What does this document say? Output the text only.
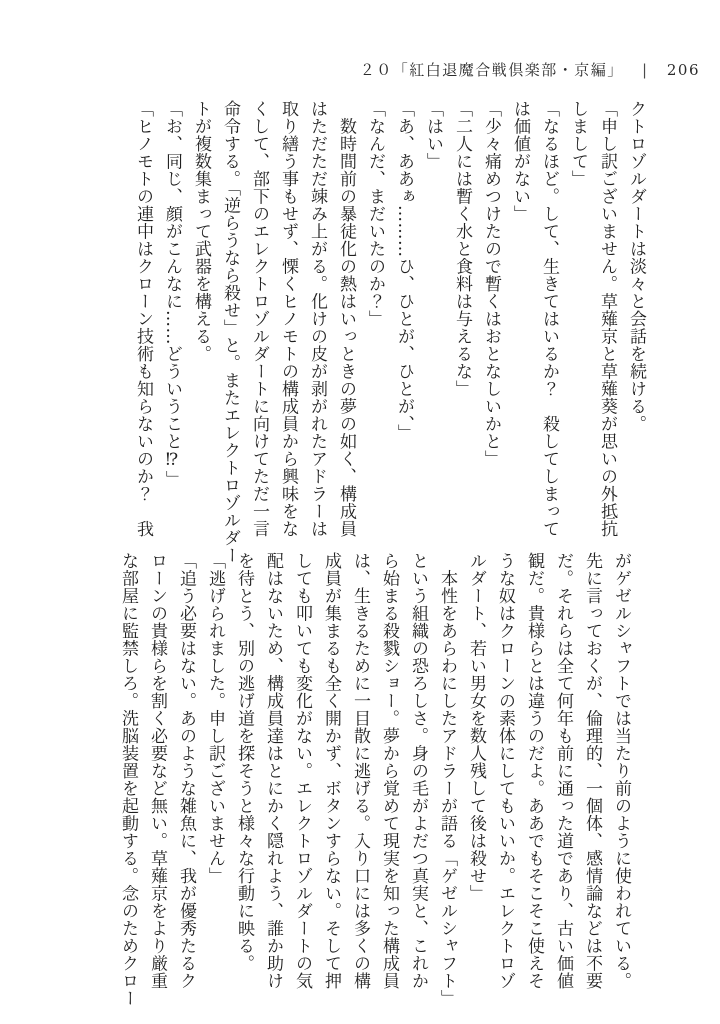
２０「紅白退魔合戦倶楽部・京編」 | 206
クトロゾルダートは淡々と会話を続ける。
「申し訳ございません。草薙京と草薙葵が思いの外抵抗
しまして」
「なるほど。して、生きてはいるか？　殺してしまって
は価値がない」
「少々痛めつけたので暫くはおとなしいかと」
「二人には暫く水と食料は与えるな」
「はい」
「あ、ああぁ………ひ、ひとが、ひとが、」
「なんだ、まだいたのか？」
　数時間前の暴徒化の熱はいっときの夢の如く、構成員
はただただ竦み上がる。化けの皮が剥がれたアドラーは
取り繕う事もせず、慄くヒノモトの構成員から興味をな
くして、部下のエレクトロゾルダートに向けてただ一言
命令する。「逆らうなら殺せ」と。またエレクトロゾルダー
トが複数集まって武器を構える。
「お、同じ、顔がこんなに……どういうこと⁉」
「ヒノモトの連中はクローン技術も知らないのか？　我
がゲゼルシャフトでは当たり前のように使われている。
先に言っておくが、倫理的、一個体、感情論などは不要
だ。それらは全て何年も前に通った道であり、古い価値
観だ。貴様らとは違うのだよ。ああでもそこそこ使えそ
うな奴はクローンの素体にしてもいいか。エレクトロゾ
ルダート、若い男女を数人残して後は殺せ」
　本性をあらわにしたアドラーが語る「ゲゼルシャフト」
という組織の恐ろしさ。身の毛がよだつ真実と、これか
ら始まる殺戮ショー。夢から覚めて現実を知った構成員
は、生きるために一目散に逃げる。入り口には多くの構
成員が集まるも全く開かず、ボタンすらない。そして押
しても叩いても変化がない。エレクトロゾルダートの気
配はないため、構成員達はとにかく隠れよう、誰か助け
を待とう、別の逃げ道を探そうと様々な行動に映る。
「逃げられました。申し訳ございません」
「追う必要はない。あのような雑魚に、我が優秀たるク
ローンの貴様らを割く必要など無い。草薙京をより厳重
な部屋に監禁しろ。洗脳装置を起動する。念のためクロー
